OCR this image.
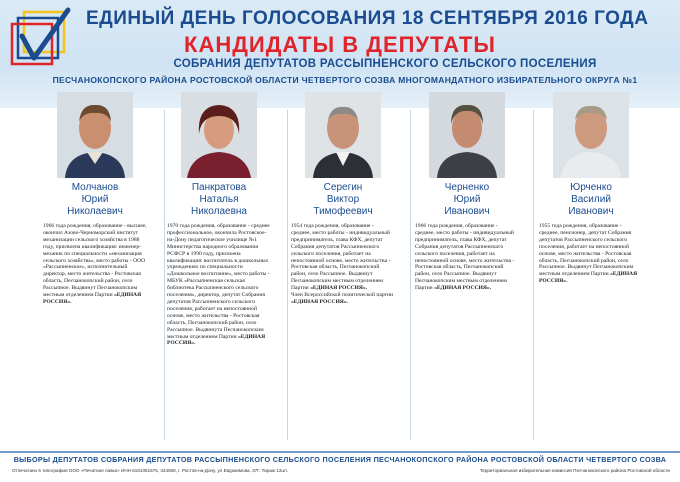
ЕДИНЫЙ ДЕНЬ ГОЛОСОВАНИЯ 18 СЕНТЯБРЯ 2016 ГОДА
КАНДИДАТЫ В ДЕПУТАТЫ
СОБРАНИЯ ДЕПУТАТОВ РАССЫПНЕНСКОГО СЕЛЬСКОГО ПОСЕЛЕНИЯ
ПЕСЧАНОКОПСКОГО РАЙОНА РОСТОВСКОЙ ОБЛАСТИ ЧЕТВЕРТОГО СОЗВА МНОГОМАНДАТНОГО ИЗБИРАТЕЛЬНОГО ОКРУГА №1
Молчанов
Юрий
Николаевич
1966 года рождения, образование - высшее, окончил Азово-Черноморский институт механизации сельского хозяйства в 1988 году, присвоена квалификация: инженер-механик по специальности «механизация сельского хозяйства», место работы - ООО «Рассыпненское», исполнительный директор, место жительства - Ростовская область, Песчанокопский район, село Рассыпное. Выдвинут Песчанокопским местным отделением Партии «ЕДИНАЯ РОССИЯ».
Панкратова
Наталья
Николаевна
1970 года рождения, образование - среднее профессиональное, окончила Ростовское-на-Дону педагогическое училище №1 Министерства народного образования РСФСР в 1990 году, присвоена квалификация: воспитатель в дошкольных учреждениях по специальности «Дошкольное воспитание», место работы - МБУК «Рассыпненская сельская библиотека Рассыпненского сельского поселения», директор, депутат Собрания депутатов Рассыпненского сельского поселения, работает на непостоянной основе, место жительства - Ростовская область, Песчанокопский район, село Рассыпное. Выдвинута Песчанокопским местным отделением Партии «ЕДИНАЯ РОССИЯ».
Серегин
Виктор
Тимофеевич
1954 года рождения, образование - среднее, место работы - индивидуальный предприниматель, глава КФХ, депутат Собрания депутатов Рассыпненского сельского поселения, работает на непостоянной основе, место жительства - Ростовская область, Песчанокопский район, село Рассыпное. Выдвинут Песчанокопским местным отделением Партии «ЕДИНАЯ РОССИЯ».
Член Всероссийской политической партии «ЕДИНАЯ РОССИЯ».
Черненко
Юрий
Иванович
1966 года рождения, образование - среднее, место работы - индивидуальный предприниматель, глава КФХ, депутат Собрания депутатов Рассыпненского сельского поселения, работает на непостоянной основе, место жительства - Ростовская область, Песчанокопский район, село Рассыпное. Выдвинут Песчанокопским местным отделением Партии «ЕДИНАЯ РОССИЯ».
Юрченко
Василий
Иванович
1955 года рождения, образование - среднее, пенсионер, депутат Собрания депутатов Рассыпненского сельского поселения, работает на непостоянной основе, место жительства - Ростовская область, Песчанокопский район, село Рассыпное. Выдвинут Песчанокопским местным отделением Партии «ЕДИНАЯ РОССИЯ».
ВЫБОРЫ ДЕПУТАТОВ СОБРАНИЯ ДЕПУТАТОВ РАССЫПНЕНСКОГО СЕЛЬСКОГО ПОСЕЛЕНИЯ ПЕСЧАНОКОПСКОГО РАЙОНА РОСТОВСКОЙ ОБЛАСТИ ЧЕТВЕРТОГО СОЗВА
Отпечатано в типографии ООО «Печатная лавка» ИНН 6161051575, 344068, г. Ростов-на-Дону, ул.Евдокимова, 37Г. Тираж 12шт.	Территориальная избирательная комиссия Песчанокопского района Ростовской области
